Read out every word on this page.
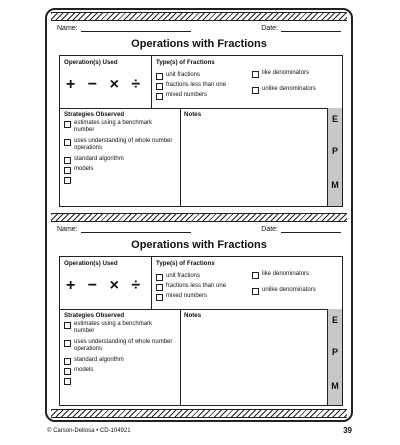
Name:	Date:
Operations with Fractions
Operation(s) Used
+ − × ÷
Type(s) of Fractions
unit fractions
fractions less than one
mixed numbers
like denominators
unlike denominators
Strategies Observed
estimates using a benchmark number
uses understanding of whole number operations
standard algorithm
models
Notes	E
P
M
Name:	Date:
Operations with Fractions
Operation(s) Used
+ − × ÷
Type(s) of Fractions
unit fractions
fractions less than one
mixed numbers
like denominators
unlike denominators
Strategies Observed
estimates using a benchmark number
uses understanding of whole number operations
standard algorithm
models
Notes	E
P
M
© Carson-Dellosa • CD-104921	39
